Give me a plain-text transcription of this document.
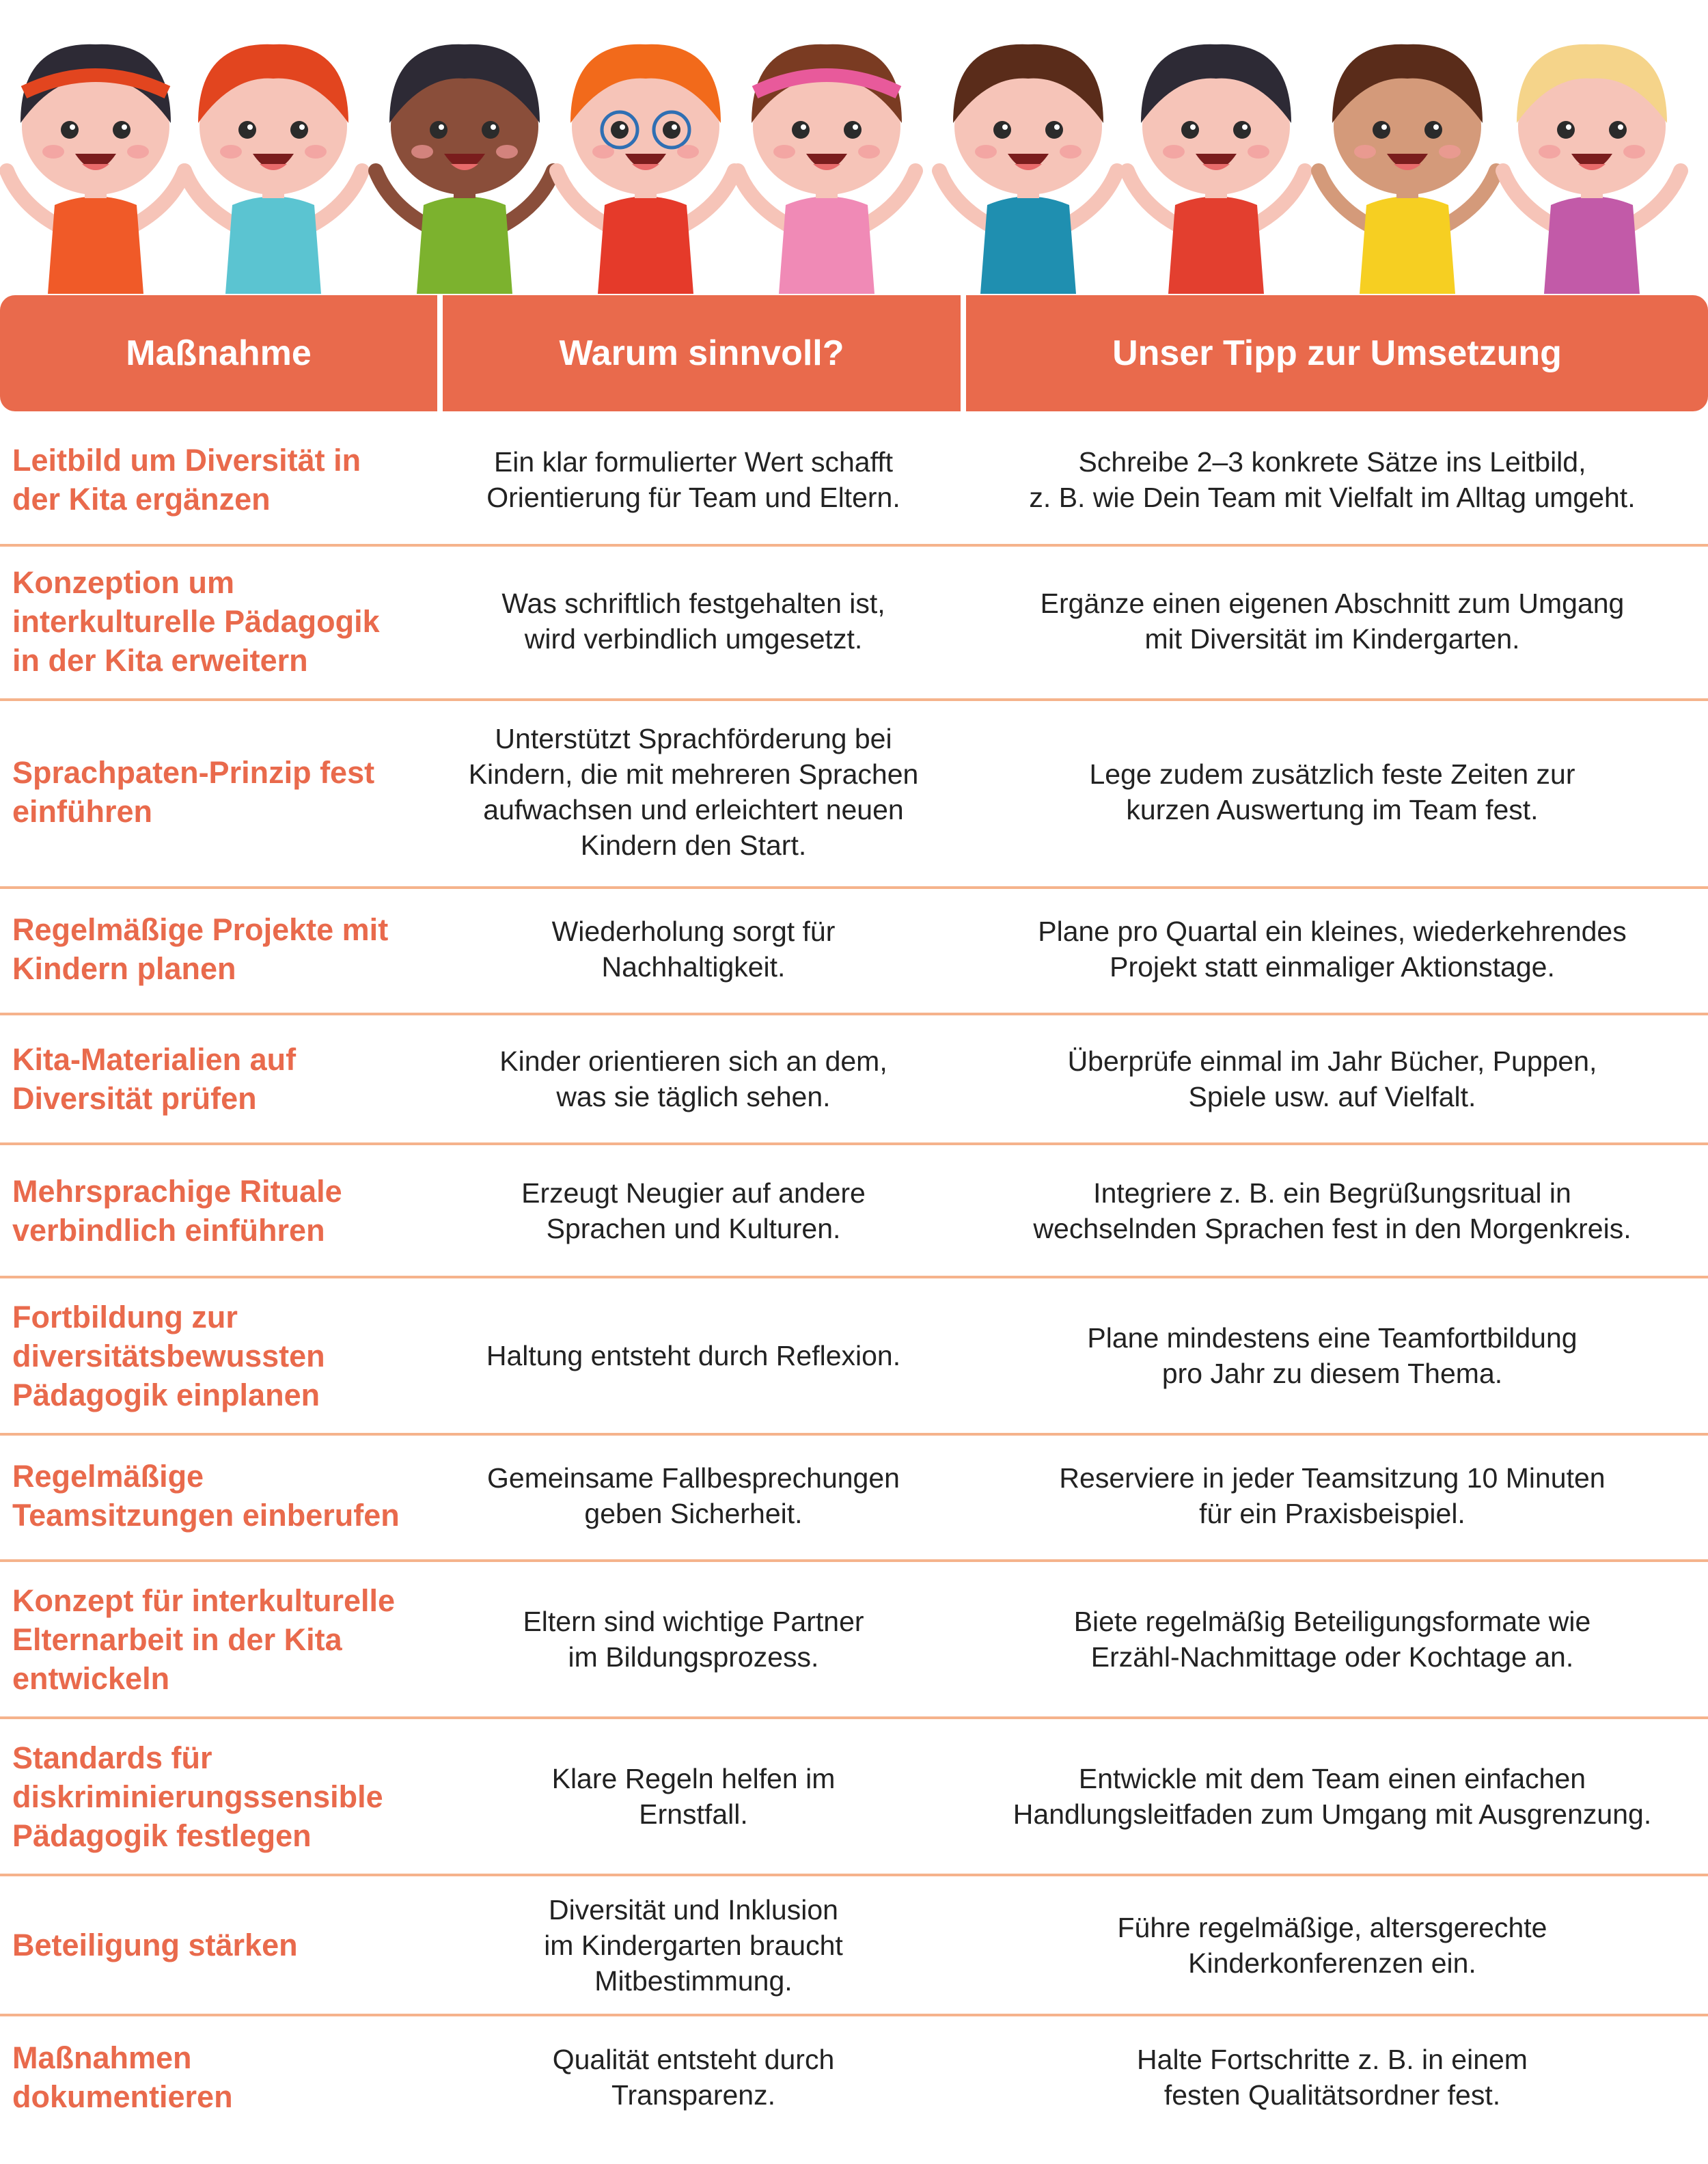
Maßnahme	Warum sinnvoll?	Unser Tipp zur Umsetzung
Leitbild um Diversität in
der Kita ergänzen
Ein klar formulierter Wert schafft
Orientierung für Team und Eltern.
Schreibe 2–3 konkrete Sätze ins Leitbild,
z. B. wie Dein Team mit Vielfalt im Alltag umgeht.
Konzeption um
interkulturelle Pädagogik
in der Kita erweitern
Was schriftlich festgehalten ist,
wird verbindlich umgesetzt.
Ergänze einen eigenen Abschnitt zum Umgang
mit Diversität im Kindergarten.
Sprachpaten-Prinzip fest
einführen
Unterstützt Sprachförderung bei
Kindern, die mit mehreren Sprachen
aufwachsen und erleichtert neuen
Kindern den Start.
Lege zudem zusätzlich feste Zeiten zur
kurzen Auswertung im Team fest.
Regelmäßige Projekte mit
Kindern planen
Wiederholung sorgt für
Nachhaltigkeit.
Plane pro Quartal ein kleines, wiederkehrendes
Projekt statt einmaliger Aktionstage.
Kita-Materialien auf
Diversität prüfen
Kinder orientieren sich an dem,
was sie täglich sehen.
Überprüfe einmal im Jahr Bücher, Puppen,
Spiele usw. auf Vielfalt.
Mehrsprachige Rituale
verbindlich einführen
Erzeugt Neugier auf andere
Sprachen und Kulturen.
Integriere z. B. ein Begrüßungsritual in
wechselnden Sprachen fest in den Morgenkreis.
Fortbildung zur
diversitätsbewussten
Pädagogik einplanen
Haltung entsteht durch Reflexion.
Plane mindestens eine Teamfortbildung
pro Jahr zu diesem Thema.
Regelmäßige
Teamsitzungen einberufen
Gemeinsame Fallbesprechungen
geben Sicherheit.
Reserviere in jeder Teamsitzung 10 Minuten
für ein Praxisbeispiel.
Konzept für interkulturelle
Elternarbeit in der Kita
entwickeln
Eltern sind wichtige Partner
im Bildungsprozess.
Biete regelmäßig Beteiligungsformate wie
Erzähl-Nachmittage oder Kochtage an.
Standards für
diskriminierungssensible
Pädagogik festlegen
Klare Regeln helfen im
Ernstfall.
Entwickle mit dem Team einen einfachen
Handlungsleitfaden zum Umgang mit Ausgrenzung.
Beteiligung stärken
Diversität und Inklusion
im Kindergarten braucht
Mitbestimmung.
Führe regelmäßige, altersgerechte
Kinderkonferenzen ein.
Maßnahmen
dokumentieren
Qualität entsteht durch
Transparenz.
Halte Fortschritte z. B. in einem
festen Qualitätsordner fest.
